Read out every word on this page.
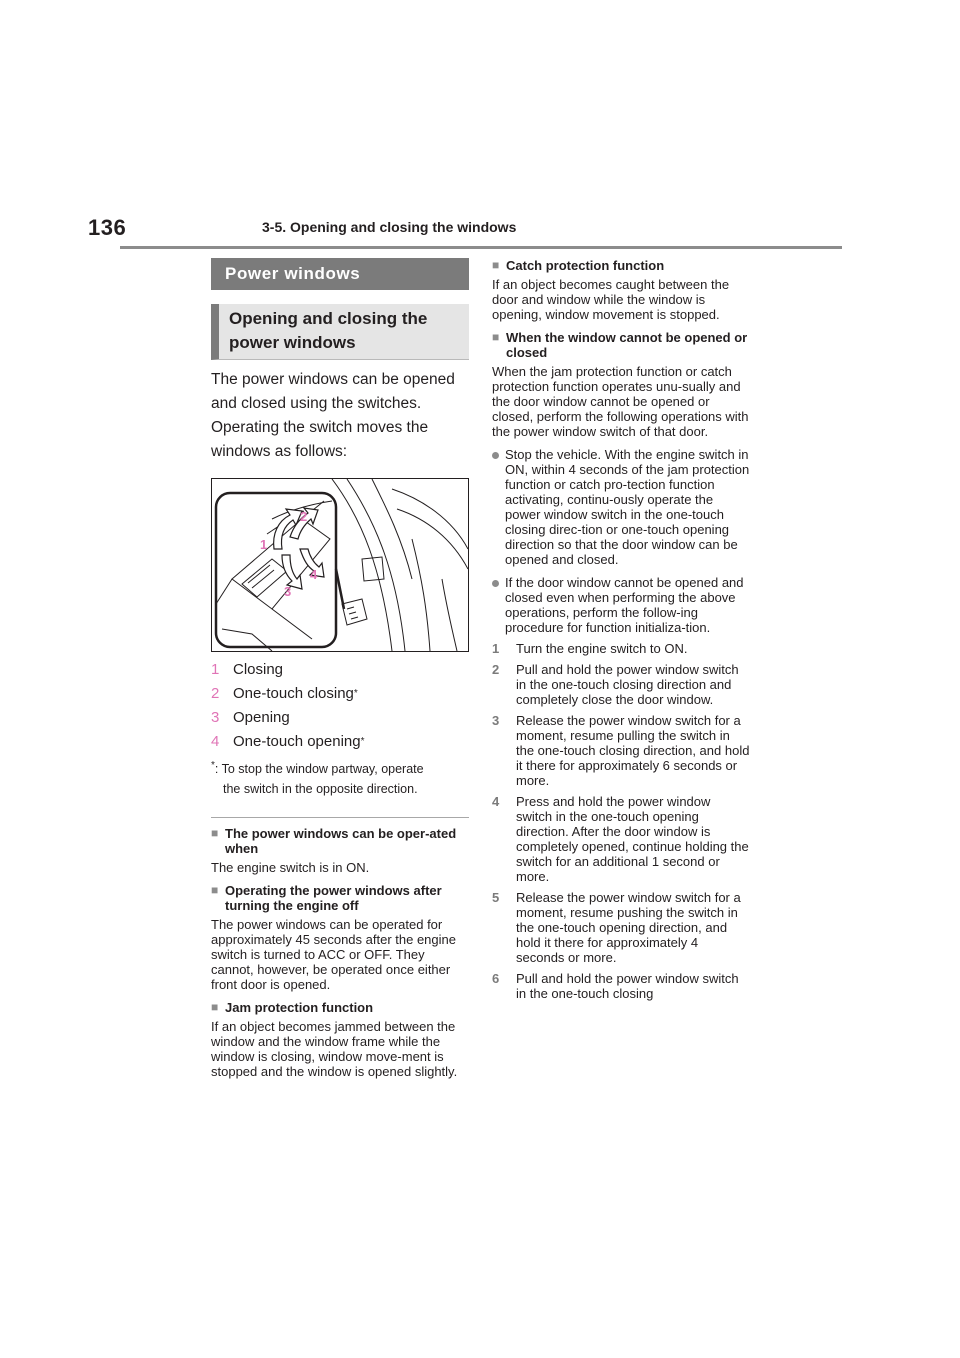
136	3-5. Opening and closing the windows
Power windows
Opening and closing the power windows
The power windows can be opened and closed using the switches. Operating the switch moves the windows as follows:
1
2
3
4
1 Closing
2 One-touch closing *
3 Opening
4 One-touch opening *
*: To stop the window partway, operate
the switch in the opposite direction.
■ The power windows can be oper-ated when
The engine switch is in ON.
■ Operating the power windows after turning the engine off
The power windows can be operated for approximately 45 seconds after the engine switch is turned to ACC or OFF. They cannot, however, be operated once either front door is opened.
■ Jam protection function
If an object becomes jammed between the window and the window frame while the window is closing, window move-ment is stopped and the window is opened slightly.
■ Catch protection function
If an object becomes caught between the door and window while the window is opening, window movement is stopped.
■ When the window cannot be opened or closed
When the jam protection function or catch protection function operates unu-sually and the door window cannot be opened or closed, perform the following operations with the power window switch of that door.
Stop the vehicle. With the engine switch in ON, within 4 seconds of the jam protection function or catch pro-tection function activating, continu-ously operate the power window switch in the one-touch closing direc-tion or one-touch opening direction so that the door window can be opened and closed.
If the door window cannot be opened and closed even when performing the above operations, perform the follow-ing procedure for function initializa-tion.
1	Turn the engine switch to ON.
2	Pull and hold the power window switch in the one-touch closing direction and completely close the door window.
3	Release the power window switch for a moment, resume pulling the switch in the one-touch closing direction, and hold it there for approximately 6 seconds or more.
4	Press and hold the power window switch in the one-touch opening direction. After the door window is completely opened, continue holding the switch for an additional 1 second or more.
5	Release the power window switch for a moment, resume pushing the switch in the one-touch opening direction, and hold it there for approximately 4 seconds or more.
6	Pull and hold the power window switch in the one-touch closing
